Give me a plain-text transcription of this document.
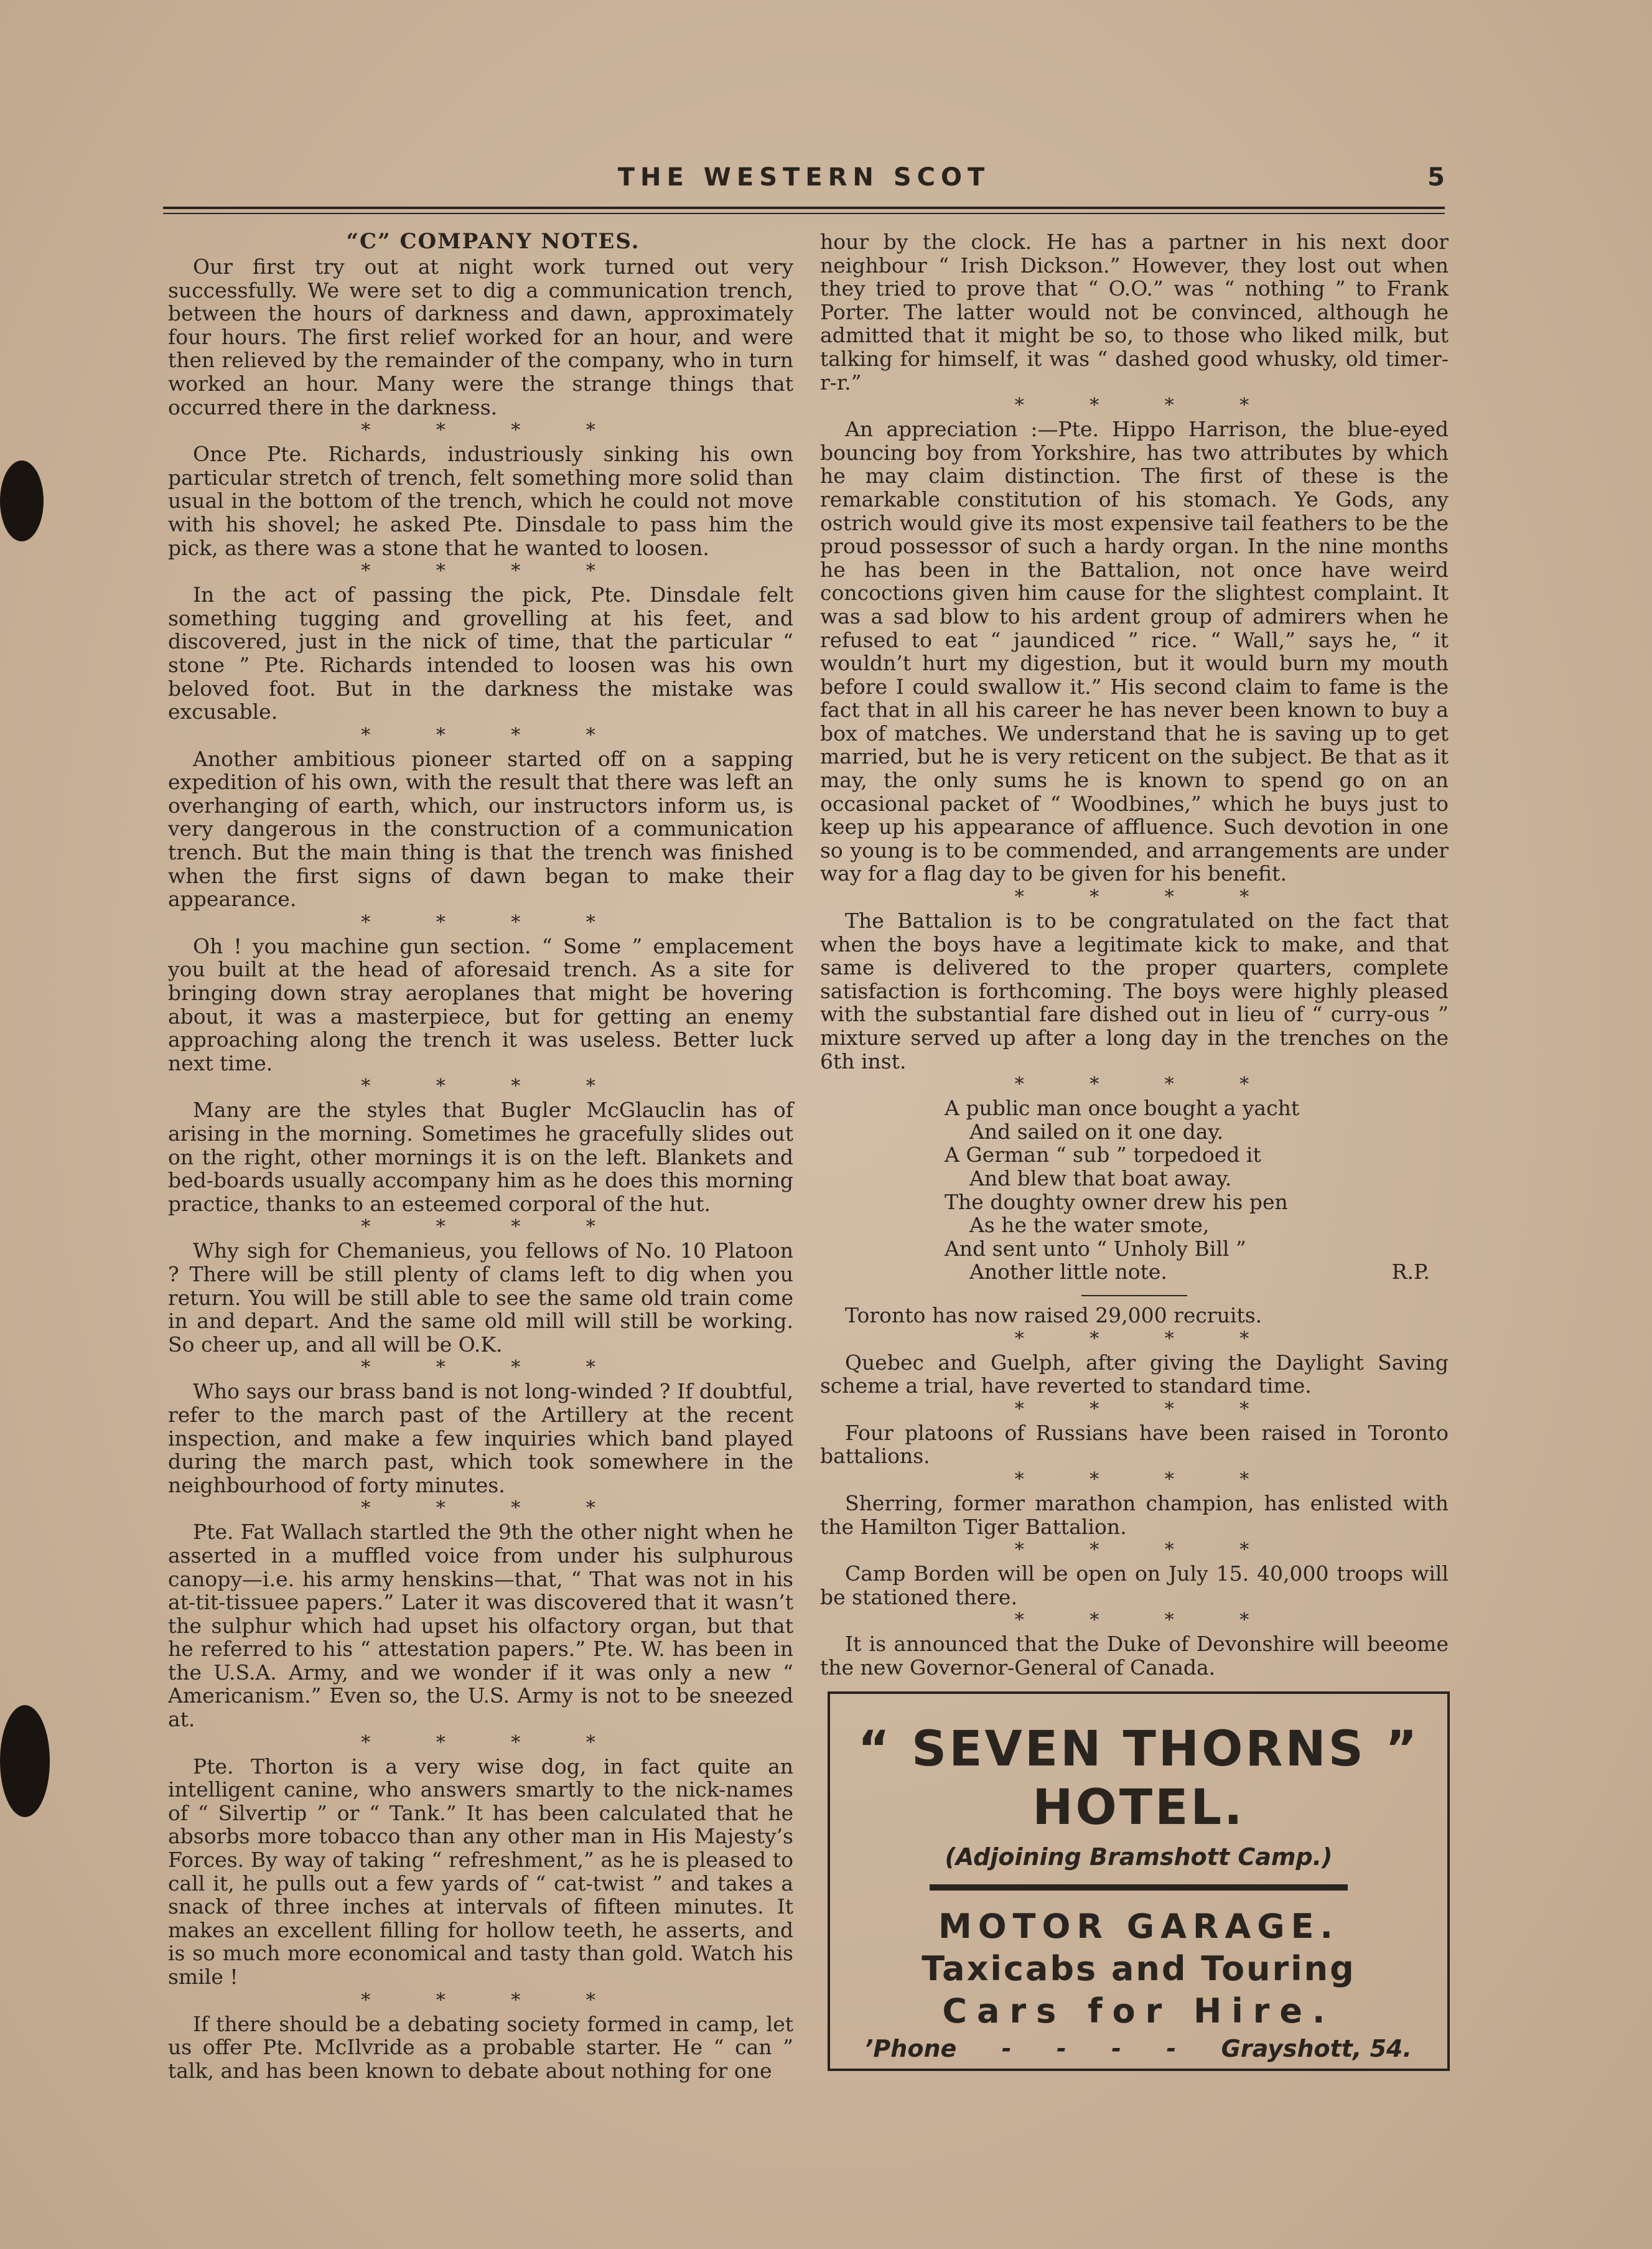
THE WESTERN SCOT	5

“C” COMPANY NOTES.

Our first try out at night work turned out very successfully. We were set to dig a communication trench, between the hours of darkness and dawn, approximately four hours. The first relief worked for an hour, and were then relieved by the remainder of the company, who in turn worked an hour. Many were the strange things that occurred there in the darkness.

* * * *

Once Pte. Richards, industriously sinking his own particular stretch of trench, felt something more solid than usual in the bottom of the trench, which he could not move with his shovel; he asked Pte. Dinsdale to pass him the pick, as there was a stone that he wanted to loosen.

* * * *

In the act of passing the pick, Pte. Dinsdale felt something tugging and grovelling at his feet, and discovered, just in the nick of time, that the particular “ stone ” Pte. Richards intended to loosen was his own beloved foot. But in the darkness the mistake was excusable.

* * * *

Another ambitious pioneer started off on a sapping expedition of his own, with the result that there was left an overhanging of earth, which, our instructors inform us, is very dangerous in the construction of a communication trench. But the main thing is that the trench was finished when the first signs of dawn began to make their appearance.

* * * *

Oh ! you machine gun section. “ Some ” emplacement you built at the head of aforesaid trench. As a site for bringing down stray aeroplanes that might be hovering about, it was a masterpiece, but for getting an enemy approaching along the trench it was useless. Better luck next time.

* * * *

Many are the styles that Bugler McGlauclin has of arising in the morning. Sometimes he gracefully slides out on the right, other mornings it is on the left. Blankets and bed-boards usually accompany him as he does this morning practice, thanks to an esteemed corporal of the hut.

* * * *

Why sigh for Chemanieus, you fellows of No. 10 Platoon ? There will be still plenty of clams left to dig when you return. You will be still able to see the same old train come in and depart. And the same old mill will still be working. So cheer up, and all will be O.K.

* * * *

Who says our brass band is not long-winded ? If doubtful, refer to the march past of the Artillery at the recent inspection, and make a few inquiries which band played during the march past, which took somewhere in the neighbourhood of forty minutes.

* * * *

Pte. Fat Wallach startled the 9th the other night when he asserted in a muffled voice from under his sulphurous canopy—i.e. his army henskins—that, “ That was not in his at-tit-tissuee papers.” Later it was discovered that it wasn’t the sulphur which had upset his olfactory organ, but that he referred to his “ attestation papers.” Pte. W. has been in the U.S.A. Army, and we wonder if it was only a new “ Americanism.” Even so, the U.S. Army is not to be sneezed at.

* * * *

Pte. Thorton is a very wise dog, in fact quite an intelligent canine, who answers smartly to the nick-names of “ Silvertip ” or “ Tank.” It has been calculated that he absorbs more tobacco than any other man in His Majesty’s Forces. By way of taking “ refreshment,” as he is pleased to call it, he pulls out a few yards of “ cat-twist ” and takes a snack of three inches at intervals of fifteen minutes. It makes an excellent filling for hollow teeth, he asserts, and is so much more economical and tasty than gold. Watch his smile !

* * * *

If there should be a debating society formed in camp, let us offer Pte. McIlvride as a probable starter. He “ can ” talk, and has been known to debate about nothing for one

hour by the clock. He has a partner in his next door neighbour “ Irish Dickson.” However, they lost out when they tried to prove that “ O.O.” was “ nothing ” to Frank Porter. The latter would not be convinced, although he admitted that it might be so, to those who liked milk, but talking for himself, it was “ dashed good whusky, old timer-r-r.”

* * * *

An appreciation :—Pte. Hippo Harrison, the blue-eyed bouncing boy from Yorkshire, has two attributes by which he may claim distinction. The first of these is the remarkable constitution of his stomach. Ye Gods, any ostrich would give its most expensive tail feathers to be the proud possessor of such a hardy organ. In the nine months he has been in the Battalion, not once have weird concoctions given him cause for the slightest complaint. It was a sad blow to his ardent group of admirers when he refused to eat “ jaundiced ” rice. “ Wall,” says he, “ it wouldn’t hurt my digestion, but it would burn my mouth before I could swallow it.” His second claim to fame is the fact that in all his career he has never been known to buy a box of matches. We understand that he is saving up to get married, but he is very reticent on the subject. Be that as it may, the only sums he is known to spend go on an occasional packet of “ Woodbines,” which he buys just to keep up his appearance of affluence. Such devotion in one so young is to be commended, and arrangements are under way for a flag day to be given for his benefit.

* * * *

The Battalion is to be congratulated on the fact that when the boys have a legitimate kick to make, and that same is delivered to the proper quarters, complete satisfaction is forthcoming. The boys were highly pleased with the substantial fare dished out in lieu of “ curry-ous ” mixture served up after a long day in the trenches on the 6th inst.

* * * *

A public man once bought a yacht
And sailed on it one day.
A German “ sub ” torpedoed it
And blew that boat away.
The doughty owner drew his pen
As he the water smote,
And sent unto “ Unholy Bill ”
Another little note.	R.P.

Toronto has now raised 29,000 recruits.

* * * *

Quebec and Guelph, after giving the Daylight Saving scheme a trial, have reverted to standard time.

* * * *

Four platoons of Russians have been raised in Toronto battalions.

* * * *

Sherring, former marathon champion, has enlisted with the Hamilton Tiger Battalion.

* * * *

Camp Borden will be open on July 15. 40,000 troops will be stationed there.

* * * *

It is announced that the Duke of Devonshire will beeome the new Governor-General of Canada.

“ SEVEN THORNS ”
HOTEL.
(Adjoining Bramshott Camp.)
MOTOR GARAGE.
Taxicabs and Touring
Cars for Hire.
’Phone - - - - Grayshott, 54.
